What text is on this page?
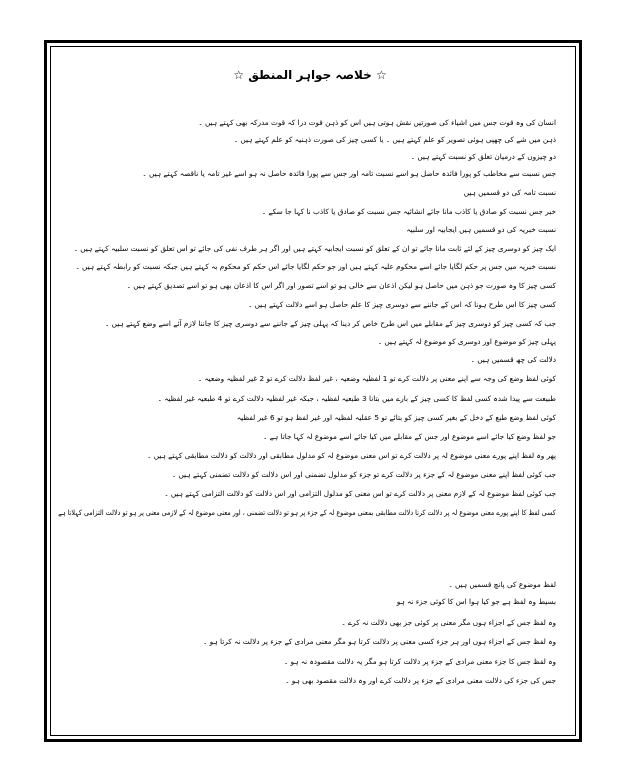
☆ خلاصہ جواہر المنطق ☆
انسان کی وہ قوت جس میں اشیاء کی صورتیں نقش ہوتی ہیں اس کو ذہن قوت درا کہ قوت مدرکہ بھی کہتے ہیں ۔
ذہن میں شے کی چھپی ہوئی تصویر کو علم کہتے ہیں ۔ یا کسی چیز کی صورت ذہنیہ کو علم کہتے ہیں ۔
دو چیزوں کے درمیان تعلق کو نسبت کہتے ہیں ۔
جس نسبت سے مخاطب کو پورا فائدہ حاصل ہو اسے نسبت تامہ اور جس سے پورا فائدہ حاصل نہ ہو اسے غیر تامہ یا ناقصہ کہتے ہیں ۔
نسبت تامہ کی دو قسمیں ہیں
خبر جس نسبت کو صادق یا کاذب مانا جائے انشائیہ جس نسبت کو صادق یا کاذب نا کہا جا سکے ۔
نسبت خبریہ کی دو قسمیں ہیں ایجابیہ اور سلبیہ
ایک چیز کو دوسری چیز کے لئے ثابت مانا جائے تو ان کے تعلق کو نسبت ایجابیہ کہتے ہیں اور اگر ہر طرف نفی کی جائے تو اس تعلق کو نسبت سلبیہ کہتے ہیں ۔
نسبت خبریہ میں جس پر حکم لگایا جائے اسے محکوم علیہ کہتے ہیں اور جو حکم لگایا جائے اس حکم کو محکوم بہ کہتے ہیں جبکہ نسبت کو رابطہ کہتے ہیں ۔
کسی چیز کا وہ صورت جو ذہن میں حاصل ہو لیکن اذعان سے خالی ہو تو اسے تصور اور اگر اس کا اذعان بھی ہو تو اسے تصدیق کہتے ہیں ۔
کسی چیز کا اس طرح ہونا کہ اس کے جاننے سے دوسری چیز کا علم حاصل ہو اسے دلالت کہتے ہیں ۔
جب کہ کسی چیز کو دوسری چیز کے مقابلے میں اس طرح خاص کر دینا کہ پہلی چیز کے جاننے سے دوسری چیز کا جاننا لازم آئے اسے وضع کہتے ہیں ۔
پہلی چیز کو موضوع اور دوسری کو موضوع لہ کہتے ہیں ۔
دلالت کی چھ قسمیں ہیں ۔
کوئی لفظ وضع کی وجہ سے اپنے معنی پر دلالت کرے تو 1 لفظیہ وضعیہ ، غیر لفظ دلالت کرے تو 2 غیر لفظیہ وضعیہ ۔
طبیعت سے پیدا شدہ کسی لفظ کا کسی چیز کے بارے میں بتانا 3 طبعیہ لفظیہ ، جبکہ غیر لفظیہ دلالت کرے تو 4 طبعیہ غیر لفظیہ ۔
کوئی لفظ وضع طبع کے دخل کے بغیر کسی چیز کو بتائے تو 5 عقلیہ لفظیہ اور غیر لفظ ہو تو 6 غیر لفظیہ
جو لفظ وضع کیا جائے اسے موضوع اور جس کے مقابلے میں کیا جائے اسے موضوع لہ کہا جاتا ہے ۔
پھر وہ لفظ اپنے پورے معنی موضوع لہ پر دلالت کرے تو اس معنی موضوع لہ کو مدلول مطابقی اور دلالت کو دلالت مطابقی کہتے ہیں ۔
جب کوئی لفظ اپنے معنی موضوع لہ کے جزء پر دلالت کرے تو جزء کو مدلول تضمنی اور اس دلالت کو دلالت تضمنی کہتے ہیں ۔
جب کوئی لفظ موضوع لہ کے لازم معنی پر دلالت کرے تو اس معنی کو مدلول التزامی اور اس دلالت کو دلالت التزامی کہتے ہیں ۔
کسی لفظ کا اپنے پورے معنی موضوع لہ پر دلالت کرنا دلالت مطابقی بمعنی موضوع لہ کے جزء پر ہو تو دلالت تضمنی ، اور معنی موضوع لہ کے لازمی معنی پر ہو تو دلالت التزامی کہلاتا ہے
لفظ موضوع کی پانچ قسمیں ہیں ۔
بسیط وہ لفظ ہے جو کیا ہوا اس کا کوئی جزء نہ ہو
وہ لفظ جس کے اجزاء ہوں مگر معنی پر کوئی جز بھی دلالت نہ کرے ۔
وہ لفظ جس کے اجزاء ہوں اور ہر جزء کسی معنی پر دلالت کرتا ہو مگر معنی مرادی کے جزء پر دلالت نہ کرتا ہو ۔
وہ لفظ جس کا جزء معنی مرادی کے جزء پر دلالت کرتا ہو مگر یہ دلالت مقصودہ نہ ہو ۔
جس کی جزء کی دلالت معنی مرادی کے جزء پر دلالت کرے اور وہ دلالت مقصود بھی ہو ۔
